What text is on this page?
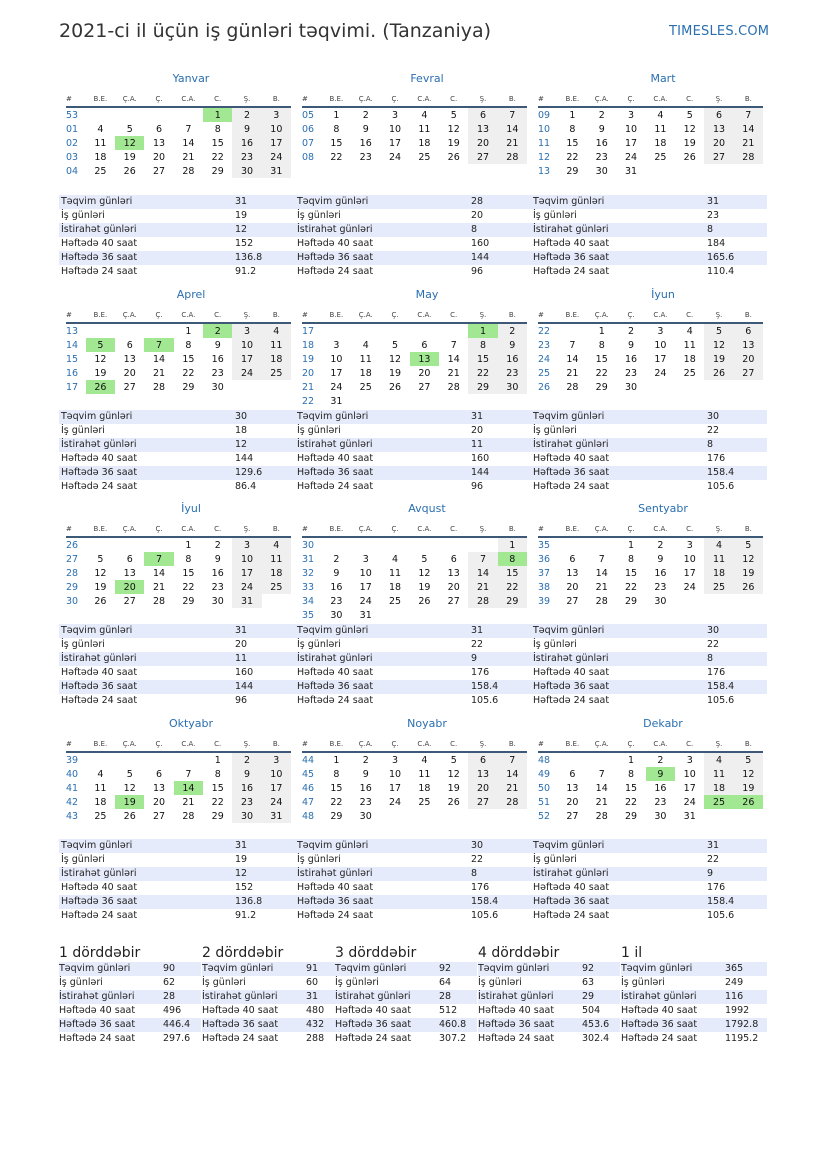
2021-ci il üçün iş günləri təqvimi. (Tanzaniya)	TIMESLES.COM
Yanvar
#	B.E.	Ç.A.	Ç.	C.A.	C.	Ş.	B.
53					1	2	3
01	4	5	6	7	8	9	10
02	11	12	13	14	15	16	17
03	18	19	20	21	22	23	24
04	25	26	27	28	29	30	31
Təqvim günləri	31
İş günləri	19
İstirahət günləri	12
Həftədə 40 saat	152
Həftədə 36 saat	136.8
Həftədə 24 saat	91.2
Fevral
#	B.E.	Ç.A.	Ç.	C.A.	C.	Ş.	B.
05	1	2	3	4	5	6	7
06	8	9	10	11	12	13	14
07	15	16	17	18	19	20	21
08	22	23	24	25	26	27	28
Təqvim günləri	28
İş günləri	20
İstirahət günləri	8
Həftədə 40 saat	160
Həftədə 36 saat	144
Həftədə 24 saat	96
Mart
#	B.E.	Ç.A.	Ç.	C.A.	C.	Ş.	B.
09	1	2	3	4	5	6	7
10	8	9	10	11	12	13	14
11	15	16	17	18	19	20	21
12	22	23	24	25	26	27	28
13	29	30	31				
Təqvim günləri	31
İş günləri	23
İstirahət günləri	8
Həftədə 40 saat	184
Həftədə 36 saat	165.6
Həftədə 24 saat	110.4
Aprel
#	B.E.	Ç.A.	Ç.	C.A.	C.	Ş.	B.
13				1	2	3	4
14	5	6	7	8	9	10	11
15	12	13	14	15	16	17	18
16	19	20	21	22	23	24	25
17	26	27	28	29	30		
Təqvim günləri	30
İş günləri	18
İstirahət günləri	12
Həftədə 40 saat	144
Həftədə 36 saat	129.6
Həftədə 24 saat	86.4
May
#	B.E.	Ç.A.	Ç.	C.A.	C.	Ş.	B.
17						1	2
18	3	4	5	6	7	8	9
19	10	11	12	13	14	15	16
20	17	18	19	20	21	22	23
21	24	25	26	27	28	29	30
22	31						
Təqvim günləri	31
İş günləri	20
İstirahət günləri	11
Həftədə 40 saat	160
Həftədə 36 saat	144
Həftədə 24 saat	96
İyun
#	B.E.	Ç.A.	Ç.	C.A.	C.	Ş.	B.
22		1	2	3	4	5	6
23	7	8	9	10	11	12	13
24	14	15	16	17	18	19	20
25	21	22	23	24	25	26	27
26	28	29	30				
Təqvim günləri	30
İş günləri	22
İstirahət günləri	8
Həftədə 40 saat	176
Həftədə 36 saat	158.4
Həftədə 24 saat	105.6
İyul
#	B.E.	Ç.A.	Ç.	C.A.	C.	Ş.	B.
26				1	2	3	4
27	5	6	7	8	9	10	11
28	12	13	14	15	16	17	18
29	19	20	21	22	23	24	25
30	26	27	28	29	30	31	
Təqvim günləri	31
İş günləri	20
İstirahət günləri	11
Həftədə 40 saat	160
Həftədə 36 saat	144
Həftədə 24 saat	96
Avqust
#	B.E.	Ç.A.	Ç.	C.A.	C.	Ş.	B.
30							1
31	2	3	4	5	6	7	8
32	9	10	11	12	13	14	15
33	16	17	18	19	20	21	22
34	23	24	25	26	27	28	29
35	30	31					
Təqvim günləri	31
İş günləri	22
İstirahət günləri	9
Həftədə 40 saat	176
Həftədə 36 saat	158.4
Həftədə 24 saat	105.6
Sentyabr
#	B.E.	Ç.A.	Ç.	C.A.	C.	Ş.	B.
35			1	2	3	4	5
36	6	7	8	9	10	11	12
37	13	14	15	16	17	18	19
38	20	21	22	23	24	25	26
39	27	28	29	30			
Təqvim günləri	30
İş günləri	22
İstirahət günləri	8
Həftədə 40 saat	176
Həftədə 36 saat	158.4
Həftədə 24 saat	105.6
Oktyabr
#	B.E.	Ç.A.	Ç.	C.A.	C.	Ş.	B.
39					1	2	3
40	4	5	6	7	8	9	10
41	11	12	13	14	15	16	17
42	18	19	20	21	22	23	24
43	25	26	27	28	29	30	31
Təqvim günləri	31
İş günləri	19
İstirahət günləri	12
Həftədə 40 saat	152
Həftədə 36 saat	136.8
Həftədə 24 saat	91.2
Noyabr
#	B.E.	Ç.A.	Ç.	C.A.	C.	Ş.	B.
44	1	2	3	4	5	6	7
45	8	9	10	11	12	13	14
46	15	16	17	18	19	20	21
47	22	23	24	25	26	27	28
48	29	30					
Təqvim günləri	30
İş günləri	22
İstirahət günləri	8
Həftədə 40 saat	176
Həftədə 36 saat	158.4
Həftədə 24 saat	105.6
Dekabr
#	B.E.	Ç.A.	Ç.	C.A.	C.	Ş.	B.
48			1	2	3	4	5
49	6	7	8	9	10	11	12
50	13	14	15	16	17	18	19
51	20	21	22	23	24	25	26
52	27	28	29	30	31		
Təqvim günləri	31
İş günləri	22
İstirahət günləri	9
Həftədə 40 saat	176
Həftədə 36 saat	158.4
Həftədə 24 saat	105.6
1 dörddəbir
Təqvim günləri	90
İş günləri	62
İstirahət günləri	28
Həftədə 40 saat	496
Həftədə 36 saat	446.4
Həftədə 24 saat	297.6
2 dörddəbir
Təqvim günləri	91
İş günləri	60
İstirahət günləri	31
Həftədə 40 saat	480
Həftədə 36 saat	432
Həftədə 24 saat	288
3 dörddəbir
Təqvim günləri	92
İş günləri	64
İstirahət günləri	28
Həftədə 40 saat	512
Həftədə 36 saat	460.8
Həftədə 24 saat	307.2
4 dörddəbir
Təqvim günləri	92
İş günləri	63
İstirahət günləri	29
Həftədə 40 saat	504
Həftədə 36 saat	453.6
Həftədə 24 saat	302.4
1 il
Təqvim günləri	365
İş günləri	249
İstirahət günləri	116
Həftədə 40 saat	1992
Həftədə 36 saat	1792.8
Həftədə 24 saat	1195.2
